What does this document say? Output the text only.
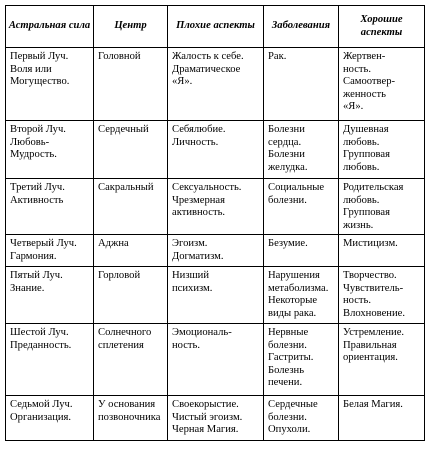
Астральная сила	Центр	Плохие аспекты	Заболевания	Хорошие аспекты

Первый Луч.
Воля или
Могущество.	Головной	Жалость к себе.
Драматическое
«Я».	Рак.	Жертвен-
ность.
Самоотвер-
женность
«Я».

Второй Луч.
Любовь-
Мудрость.	Сердечный	Себялюбие.
Личность.	Болезни
сердца.
Болезни
желудка.	Душевная
любовь.
Групповая
любовь.

Третий Луч.
Активность	Сакральный	Сексуальность.
Чрезмерная
активность.	Социальные
болезни.	Родительская
любовь.
Групповая
жизнь.

Четверый Луч.
Гармония.	Аджна	Эгоизм.
Догматизм.	Безумие.	Мистицизм.

Пятый Луч.
Знание.	Горловой	Низший
психизм.	Нарушения
метаболизма.
Некоторые
виды рака.	Творчество.
Чувствитель-
ность.
Влохновение.

Шестой Луч.
Преданность.	Солнечного
сплетения	Эмоциональ-
ность.	Нервные
болезни.
Гастриты.
Болезнь
печени.	Устремление.
Правильная
ориентация.

Седьмой Луч.
Организация.	У основания
позвоночника	Своекорыстие.
Чистый эгоизм.
Черная Магия.	Сердечные
болезни.
Опухоли.	Белая Магия.
